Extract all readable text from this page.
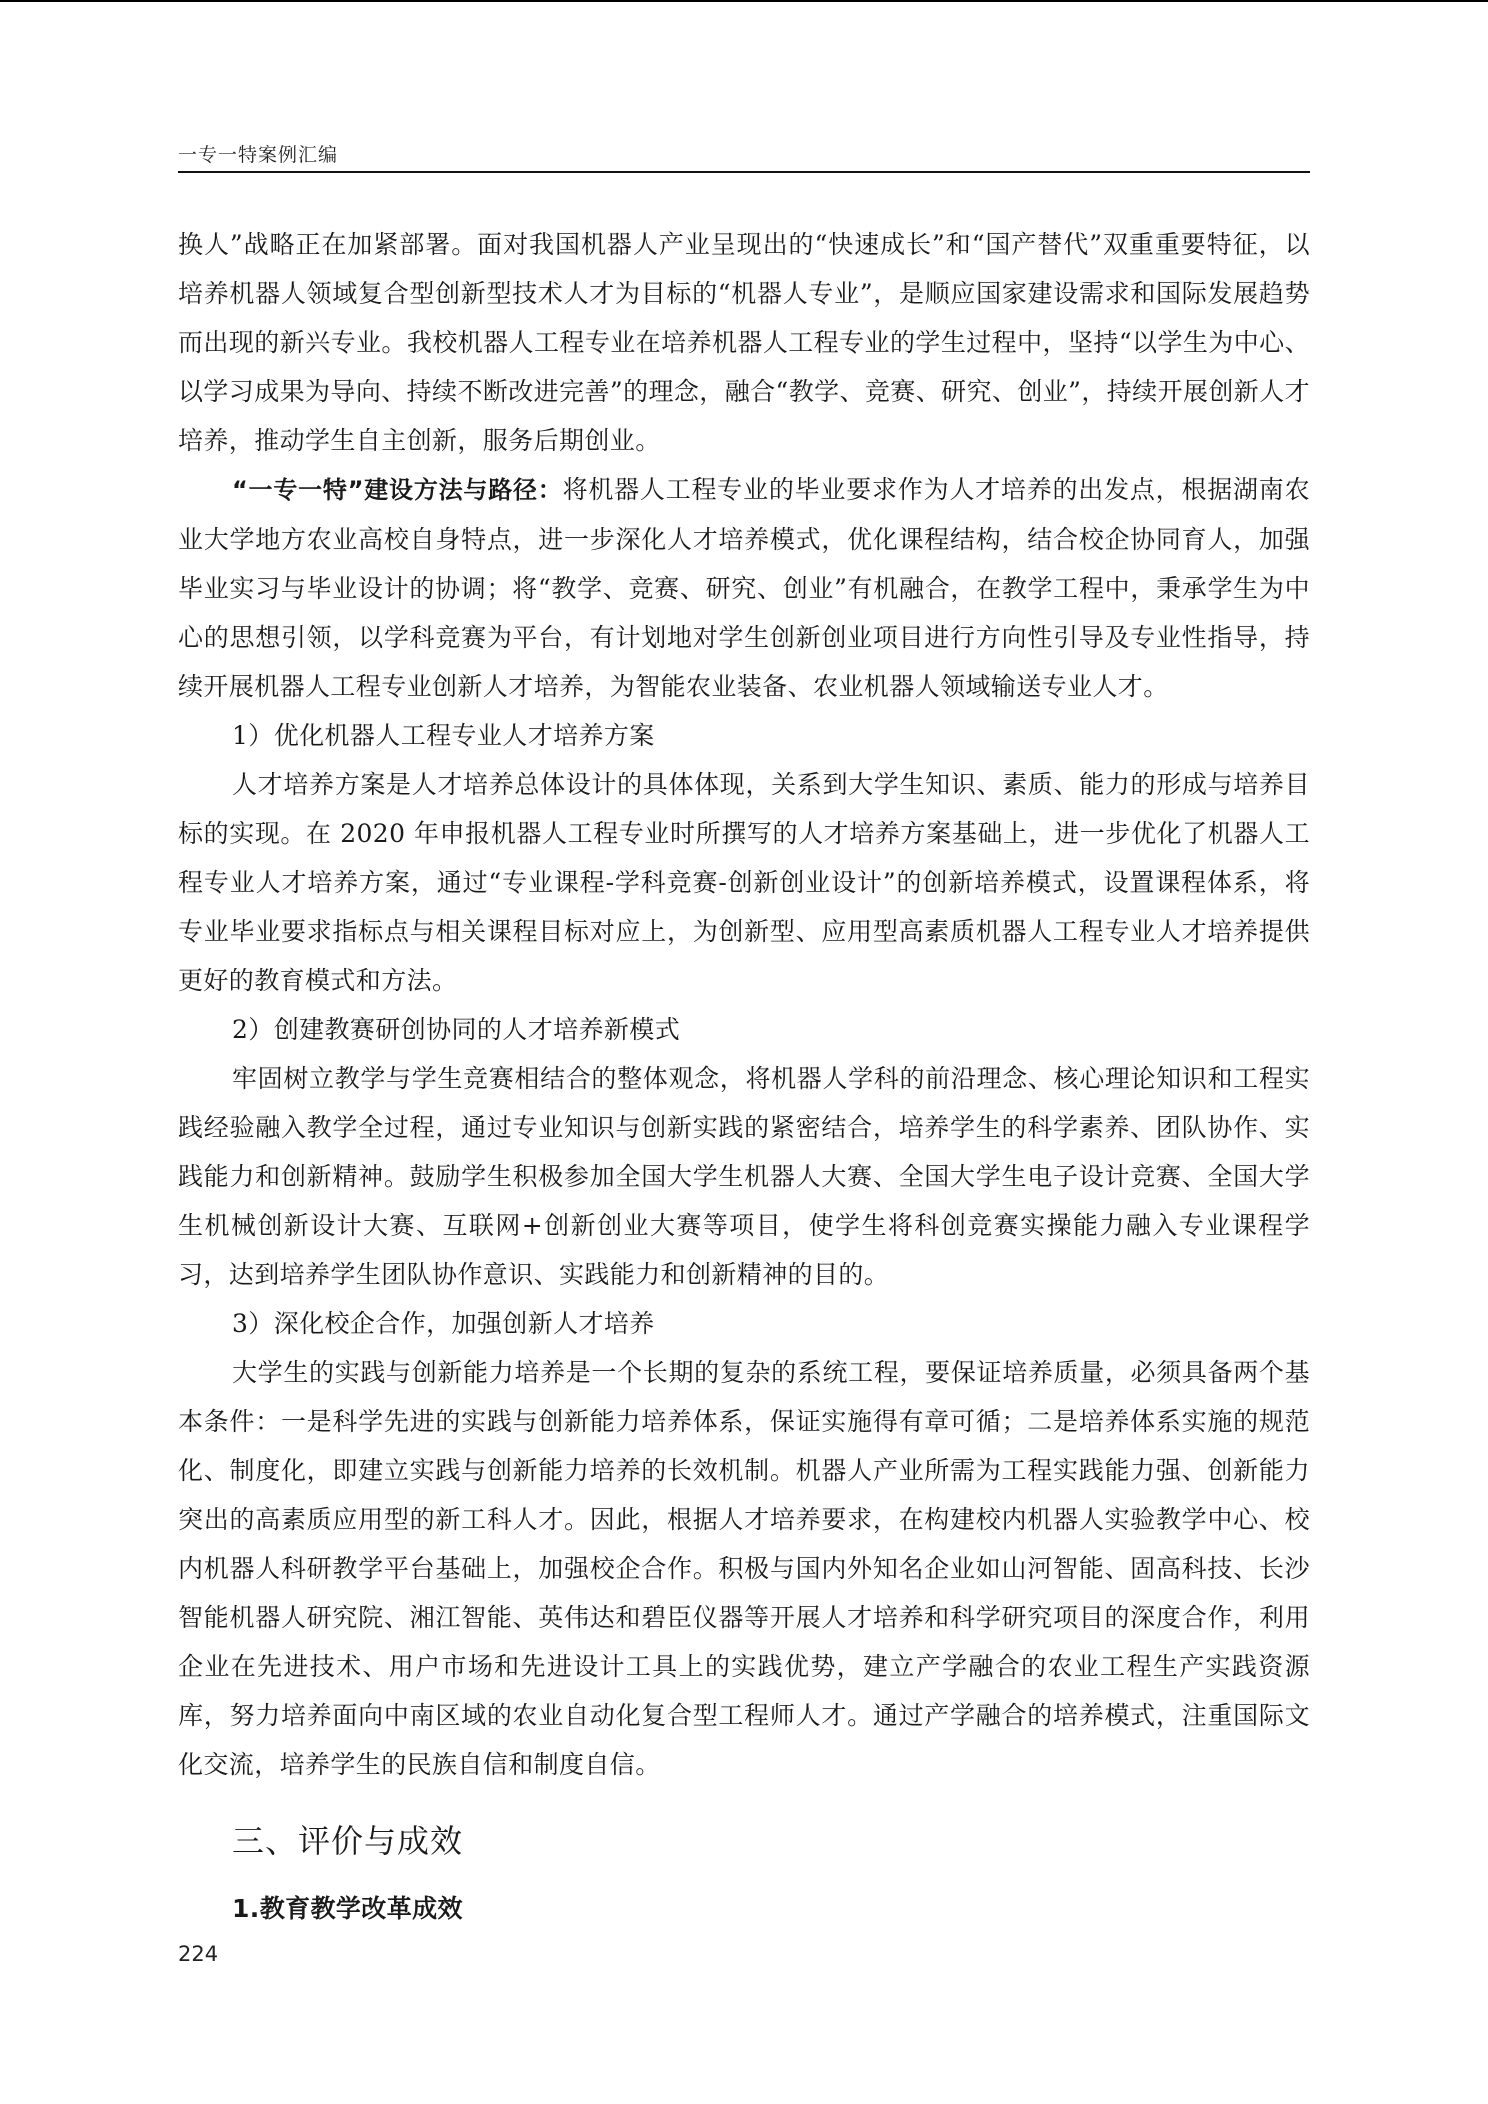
一专一特案例汇编

换人”战略正在加紧部署。面对我国机器人产业呈现出的“快速成长”和“国产替代”双重重要特征，以培养机器人领域复合型创新型技术人才为目标的“机器人专业”，是顺应国家建设需求和国际发展趋势而出现的新兴专业。我校机器人工程专业在培养机器人工程专业的学生过程中，坚持“以学生为中心、以学习成果为导向、持续不断改进完善”的理念，融合“教学、竞赛、研究、创业”，持续开展创新人才培养，推动学生自主创新，服务后期创业。

“一专一特”建设方法与路径：将机器人工程专业的毕业要求作为人才培养的出发点，根据湖南农业大学地方农业高校自身特点，进一步深化人才培养模式，优化课程结构，结合校企协同育人，加强毕业实习与毕业设计的协调；将“教学、竞赛、研究、创业”有机融合，在教学工程中，秉承学生为中心的思想引领，以学科竞赛为平台，有计划地对学生创新创业项目进行方向性引导及专业性指导，持续开展机器人工程专业创新人才培养，为智能农业装备、农业机器人领域输送专业人才。

1）优化机器人工程专业人才培养方案

人才培养方案是人才培养总体设计的具体体现，关系到大学生知识、素质、能力的形成与培养目标的实现。在 2020 年申报机器人工程专业时所撰写的人才培养方案基础上，进一步优化了机器人工程专业人才培养方案，通过“专业课程-学科竞赛-创新创业设计”的创新培养模式，设置课程体系，将专业毕业要求指标点与相关课程目标对应上，为创新型、应用型高素质机器人工程专业人才培养提供更好的教育模式和方法。

2）创建教赛研创协同的人才培养新模式

牢固树立教学与学生竞赛相结合的整体观念，将机器人学科的前沿理念、核心理论知识和工程实践经验融入教学全过程，通过专业知识与创新实践的紧密结合，培养学生的科学素养、团队协作、实践能力和创新精神。鼓励学生积极参加全国大学生机器人大赛、全国大学生电子设计竞赛、全国大学生机械创新设计大赛、互联网+创新创业大赛等项目，使学生将科创竞赛实操能力融入专业课程学习，达到培养学生团队协作意识、实践能力和创新精神的目的。

3）深化校企合作，加强创新人才培养

大学生的实践与创新能力培养是一个长期的复杂的系统工程，要保证培养质量，必须具备两个基本条件：一是科学先进的实践与创新能力培养体系，保证实施得有章可循；二是培养体系实施的规范化、制度化，即建立实践与创新能力培养的长效机制。机器人产业所需为工程实践能力强、创新能力突出的高素质应用型的新工科人才。因此，根据人才培养要求，在构建校内机器人实验教学中心、校内机器人科研教学平台基础上，加强校企合作。积极与国内外知名企业如山河智能、固高科技、长沙智能机器人研究院、湘江智能、英伟达和碧臣仪器等开展人才培养和科学研究项目的深度合作，利用企业在先进技术、用户市场和先进设计工具上的实践优势，建立产学融合的农业工程生产实践资源库，努力培养面向中南区域的农业自动化复合型工程师人才。通过产学融合的培养模式，注重国际文化交流，培养学生的民族自信和制度自信。

三、评价与成效

1.教育教学改革成效

224
